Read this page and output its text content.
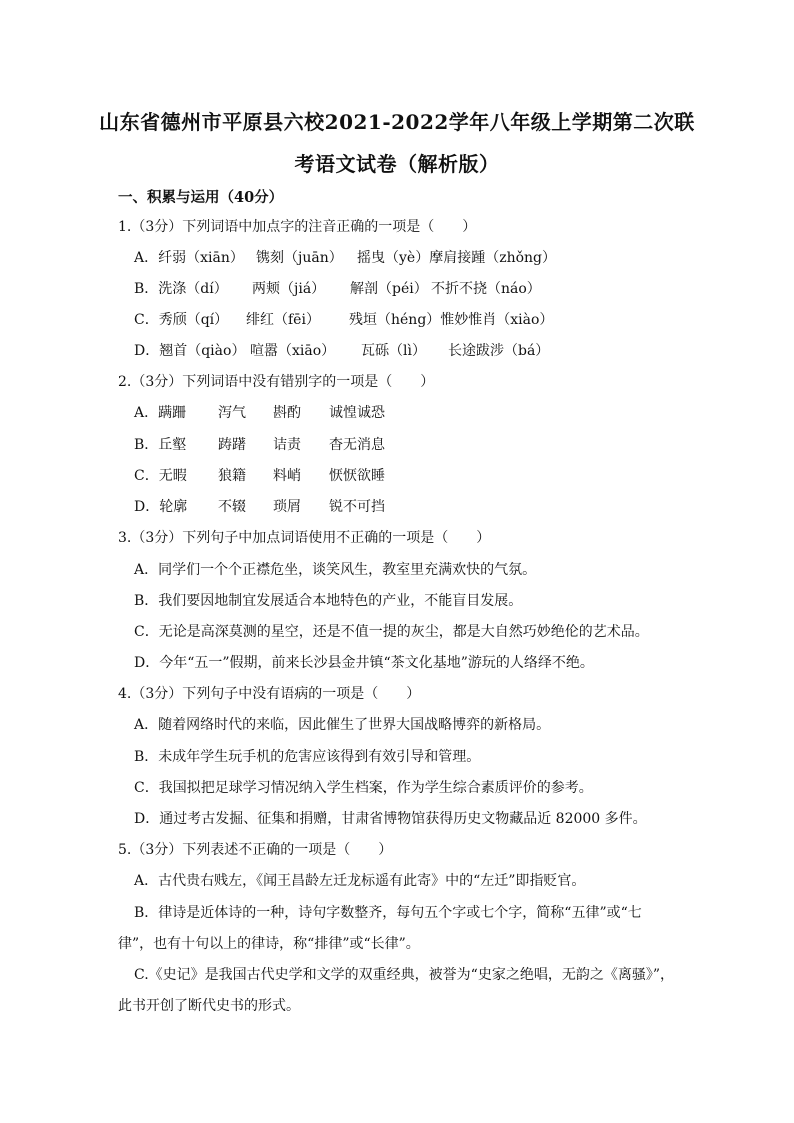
山东省德州市平原县六校2021-2022学年八年级上学期第二次联
考语文试卷（解析版）
一、积累与运用（40分）
1.（3分）下列词语中加点字的注音正确的一项是（　　）
A．纤弱（xiān） 镌刻（juān）	摇曳（yè）摩肩接踵（zhǒng）
B．洗涤（dí）	两颊（jiá）	解剖（péi） 不折不挠（náo）
C．秀颀（qí）	绯红（fēi）	残垣（héng）惟妙惟肖（xiào）
D．翘首（qiào） 喧嚣（xiāo）	瓦砾（lì）	长途跋涉（bá）
2.（3分）下列词语中没有错别字的一项是（　　）
A．蹒跚	泻气	斟酌	诚惶诚恐
B．丘壑	踌躇	诘责	杳无消息
C．无暇	狼籍	料峭	恹恹欲睡
D．轮廓	不辍	琐屑	锐不可挡
3.（3分）下列句子中加点词语使用不正确的一项是（　　）
A．同学们一个个正襟危坐，谈笑风生，教室里充满欢快的气氛。
B．我们要因地制宜发展适合本地特色的产业，不能盲目发展。
C．无论是高深莫测的星空，还是不值一提的灰尘，都是大自然巧妙绝伦的艺术品。
D．今年“五一”假期，前来长沙县金井镇“茶文化基地”游玩的人络绎不绝。
4.（3分）下列句子中没有语病的一项是（　　）
A．随着网络时代的来临，因此催生了世界大国战略博弈的新格局。
B．未成年学生玩手机的危害应该得到有效引导和管理。
C．我国拟把足球学习情况纳入学生档案，作为学生综合素质评价的参考。
D．通过考古发掘、征集和捐赠，甘肃省博物馆获得历史文物藏品近 82000 多件。
5.（3分）下列表述不正确的一项是（　　）
A．古代贵右贱左，《闻王昌龄左迁龙标遥有此寄》中的“左迁”即指贬官。
B．律诗是近体诗的一种，诗句字数整齐，每句五个字或七个字，简称“五律”或“七
律”，也有十句以上的律诗，称“排律”或“长律”。
C.《史记》是我国古代史学和文学的双重经典，被誉为“史家之绝唱，无韵之《离骚》”，
此书开创了断代史书的形式。
